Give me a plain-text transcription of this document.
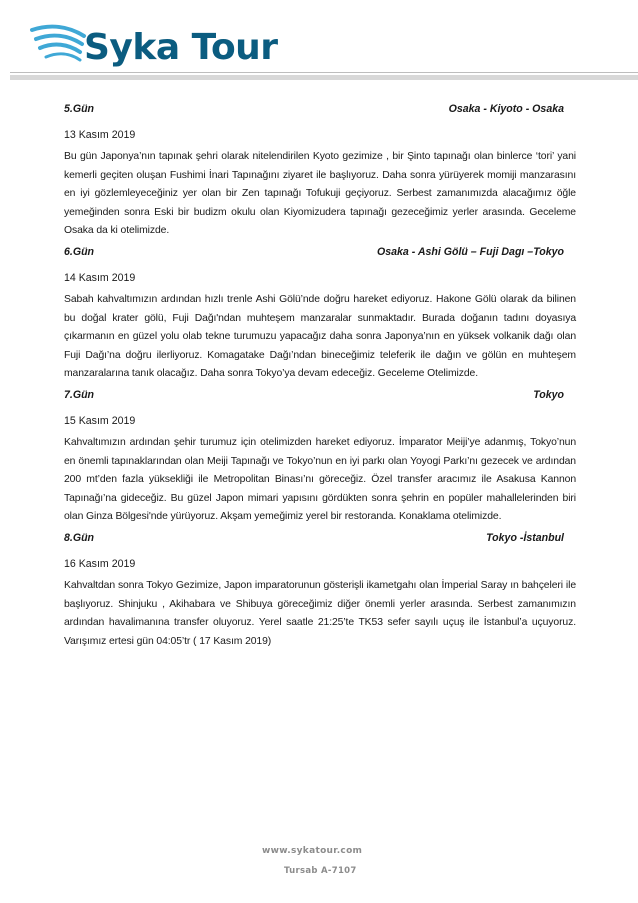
Syka Tour
5.Gün	Osaka - Kiyoto - Osaka
13 Kasım 2019
Bu gün Japonya’nın tapınak şehri olarak nitelendirilen Kyoto gezimize , bir Şinto tapınağı olan binlerce ‘tori’ yani kemerli geçiten oluşan Fushimi İnari Tapınağını ziyaret ile başlıyoruz. Daha sonra yürüyerek momiji manzarasını en iyi gözlemleyeceğiniz yer olan bir Zen tapınağı Tofukuji geçiyoruz. Serbest zamanımızda alacağımız öğle yemeğinden sonra Eski bir budizm okulu olan Kiyomizudera tapınağı gezeceğimiz yerler arasında. Geceleme Osaka da ki otelimizde.
6.Gün	Osaka - Ashi Gölü – Fuji Dagı –Tokyo
14 Kasım 2019
Sabah kahvaltımızın ardından hızlı trenle Ashi Gölü’nde doğru hareket ediyoruz. Hakone Gölü olarak da bilinen bu doğal krater gölü, Fuji Dağı'ndan muhteşem manzaralar sunmaktadır. Burada doğanın tadını doyasıya çıkarmanın en güzel yolu olab tekne turumuzu yapacağız daha sonra Japonya’nın en yüksek volkanik dağı olan Fuji Dağı’na doğru ilerliyoruz. Komagatake Dağı’ndan bineceğimiz teleferik ile dağın ve gölün en muhteşem manzaralarına tanık olacağız. Daha sonra Tokyo’ya devam edeceğiz. Geceleme Otelimizde.
7.Gün	Tokyo
15 Kasım 2019
Kahvaltımızın ardından şehir turumuz için otelimizden hareket ediyoruz. İmparator Meiji’ye adanmış, Tokyo’nun en önemli tapınaklarından olan Meiji Tapınağı ve Tokyo’nun en iyi parkı olan Yoyogi Parkı’nı gezecek ve ardından 200 mt’den fazla yüksekliği ile Metropolitan Binası’nı göreceğiz. Özel transfer aracımız ile Asakusa Kannon Tapınağı’na gideceğiz. Bu güzel Japon mimari yapısını gördükten sonra şehrin en popüler mahallelerinden biri olan Ginza Bölgesi'nde yürüyoruz. Akşam yemeğimiz yerel bir restoranda. Konaklama otelimizde.
8.Gün	Tokyo -İstanbul
16 Kasım 2019
Kahvaltdan sonra Tokyo Gezimize, Japon imparatorunun gösterişli ikametgahı olan İmperial Saray ın bahçeleri ile başlıyoruz. Shinjuku , Akihabara ve Shibuya göreceğimiz diğer önemli yerler arasında. Serbest zamanımızın ardından havalimanına transfer oluyoruz. Yerel saatle 21:25’te TK53 sefer sayılı uçuş ile İstanbul’a uçuyoruz. Varışımız ertesi gün 04:05’tr ( 17 Kasım 2019)
www.sykatour.com
Tursab A-7107
